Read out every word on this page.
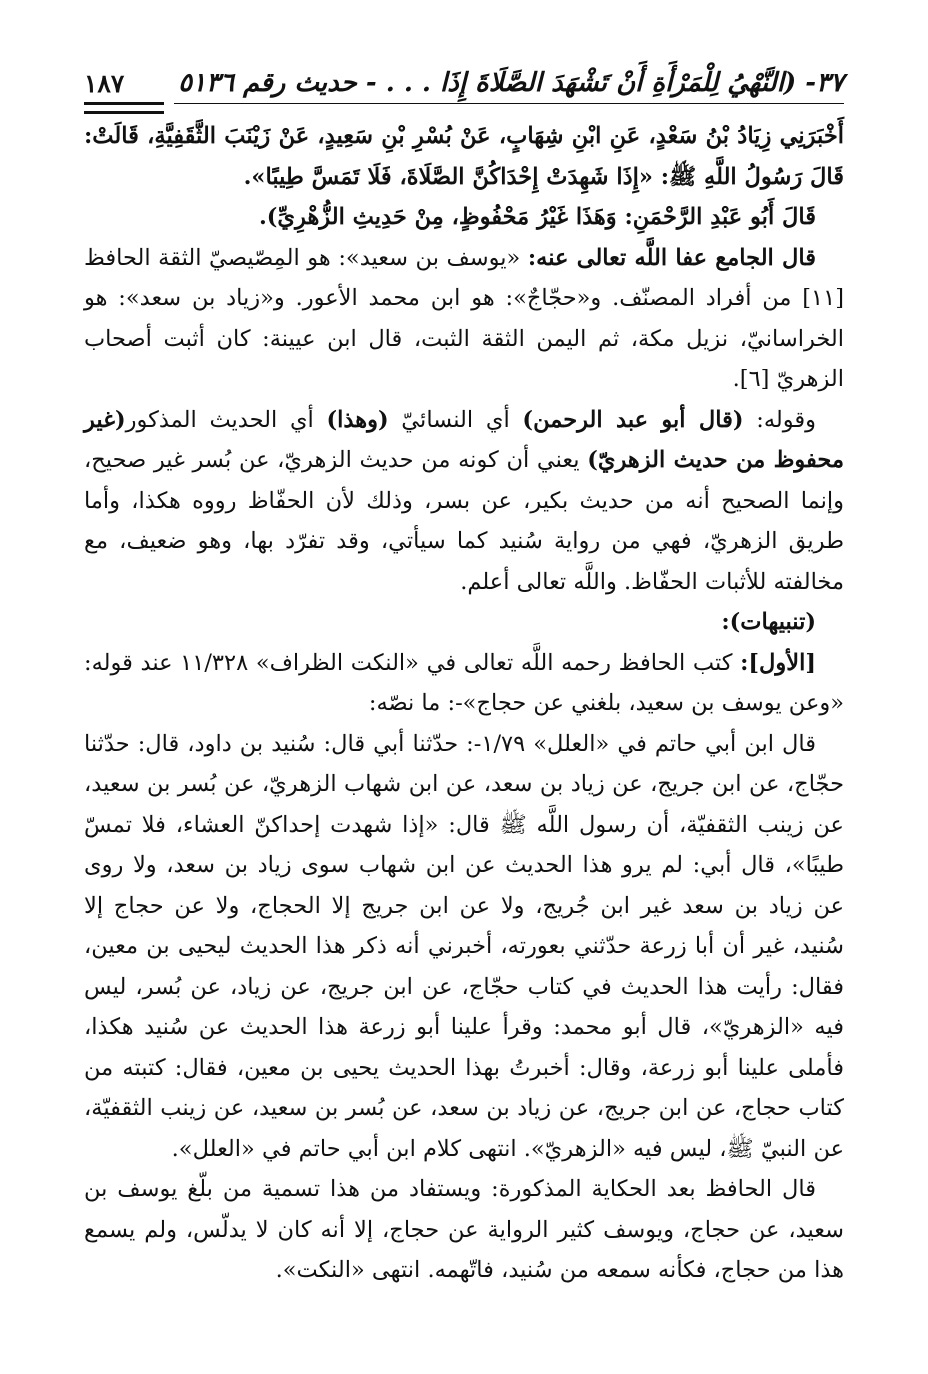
٣٧- (النَّهْيُ لِلْمَرْأَةِ أَنْ تَشْهَدَ الصَّلَاةَ إِذَا . . . - حديث رقم ٥١٣٦
١٨٧

أَخْبَرَنِي زِيَادُ بْنُ سَعْدٍ، عَنِ ابْنِ شِهَابٍ، عَنْ بُسْرِ بْنِ سَعِيدٍ، عَنْ زَيْنَبَ الثَّقَفِيَّةِ، قَالَتْ: قَالَ رَسُولُ اللَّهِ ﷺ: «إِذَا شَهِدَتْ إِحْدَاكُنَّ الصَّلَاةَ، فَلَا تَمَسَّ طِيبًا».

قَالَ أَبُو عَبْدِ الرَّحْمَنِ: وَهَذَا غَيْرُ مَحْفُوظٍ، مِنْ حَدِيثِ الزُّهْرِيِّ).

قال الجامع عفا اللَّه تعالى عنه: «يوسف بن سعيد»: هو المِصّيصيّ الثقة الحافظ [١١] من أفراد المصنّف. و«حجّاجٌ»: هو ابن محمد الأعور. و«زياد بن سعد»: هو الخراسانيّ، نزيل مكة، ثم اليمن الثقة الثبت، قال ابن عيينة: كان أثبت أصحاب الزهريّ [٦].

وقوله: (قال أبو عبد الرحمن) أي النسائيّ (وهذا) أي الحديث المذكور(غير محفوظ من حديث الزهريّ) يعني أن كونه من حديث الزهريّ، عن بُسر غير صحيح، وإنما الصحيح أنه من حديث بكير، عن بسر، وذلك لأن الحفّاظ رووه هكذا، وأما طريق الزهريّ، فهي من رواية سُنيد كما سيأتي، وقد تفرّد بها، وهو ضعيف، مع مخالفته للأثبات الحفّاظ. واللَّه تعالى أعلم.

(تنبيهات):

[الأول]: كتب الحافظ رحمه اللَّه تعالى في «النكت الظراف» ١١/٣٢٨ عند قوله: «وعن يوسف بن سعيد، بلغني عن حجاج»-: ما نصّه:

قال ابن أبي حاتم في «العلل» ١/٧٩-: حدّثنا أبي قال: سُنيد بن داود، قال: حدّثنا حجّاج، عن ابن جريج، عن زياد بن سعد، عن ابن شهاب الزهريّ، عن بُسر بن سعيد، عن زينب الثقفيّة، أن رسول اللَّه ﷺ قال: «إذا شهدت إحداكنّ العشاء، فلا تمسّ طيبًا»، قال أبي: لم يرو هذا الحديث عن ابن شهاب سوى زياد بن سعد، ولا روى عن زياد بن سعد غير ابن جُريج، ولا عن ابن جريج إلا الحجاج، ولا عن حجاج إلا سُنيد، غير أن أبا زرعة حدّثني بعورته، أخبرني أنه ذكر هذا الحديث ليحيى بن معين، فقال: رأيت هذا الحديث في كتاب حجّاج، عن ابن جريج، عن زياد، عن بُسر، ليس فيه «الزهريّ»، قال أبو محمد: وقرأ علينا أبو زرعة هذا الحديث عن سُنيد هكذا، فأملى علينا أبو زرعة، وقال: أخبرتُ بهذا الحديث يحيى بن معين، فقال: كتبته من كتاب حجاج، عن ابن جريج، عن زياد بن سعد، عن بُسر بن سعيد، عن زينب الثقفيّة، عن النبيّ ﷺ، ليس فيه «الزهريّ». انتهى كلام ابن أبي حاتم في «العلل».

قال الحافظ بعد الحكاية المذكورة: ويستفاد من هذا تسمية من بلّغ يوسف بن سعيد، عن حجاج، ويوسف كثير الرواية عن حجاج، إلا أنه كان لا يدلّس، ولم يسمع هذا من حجاج، فكأنه سمعه من سُنيد، فاتّهمه. انتهى «النكت».
